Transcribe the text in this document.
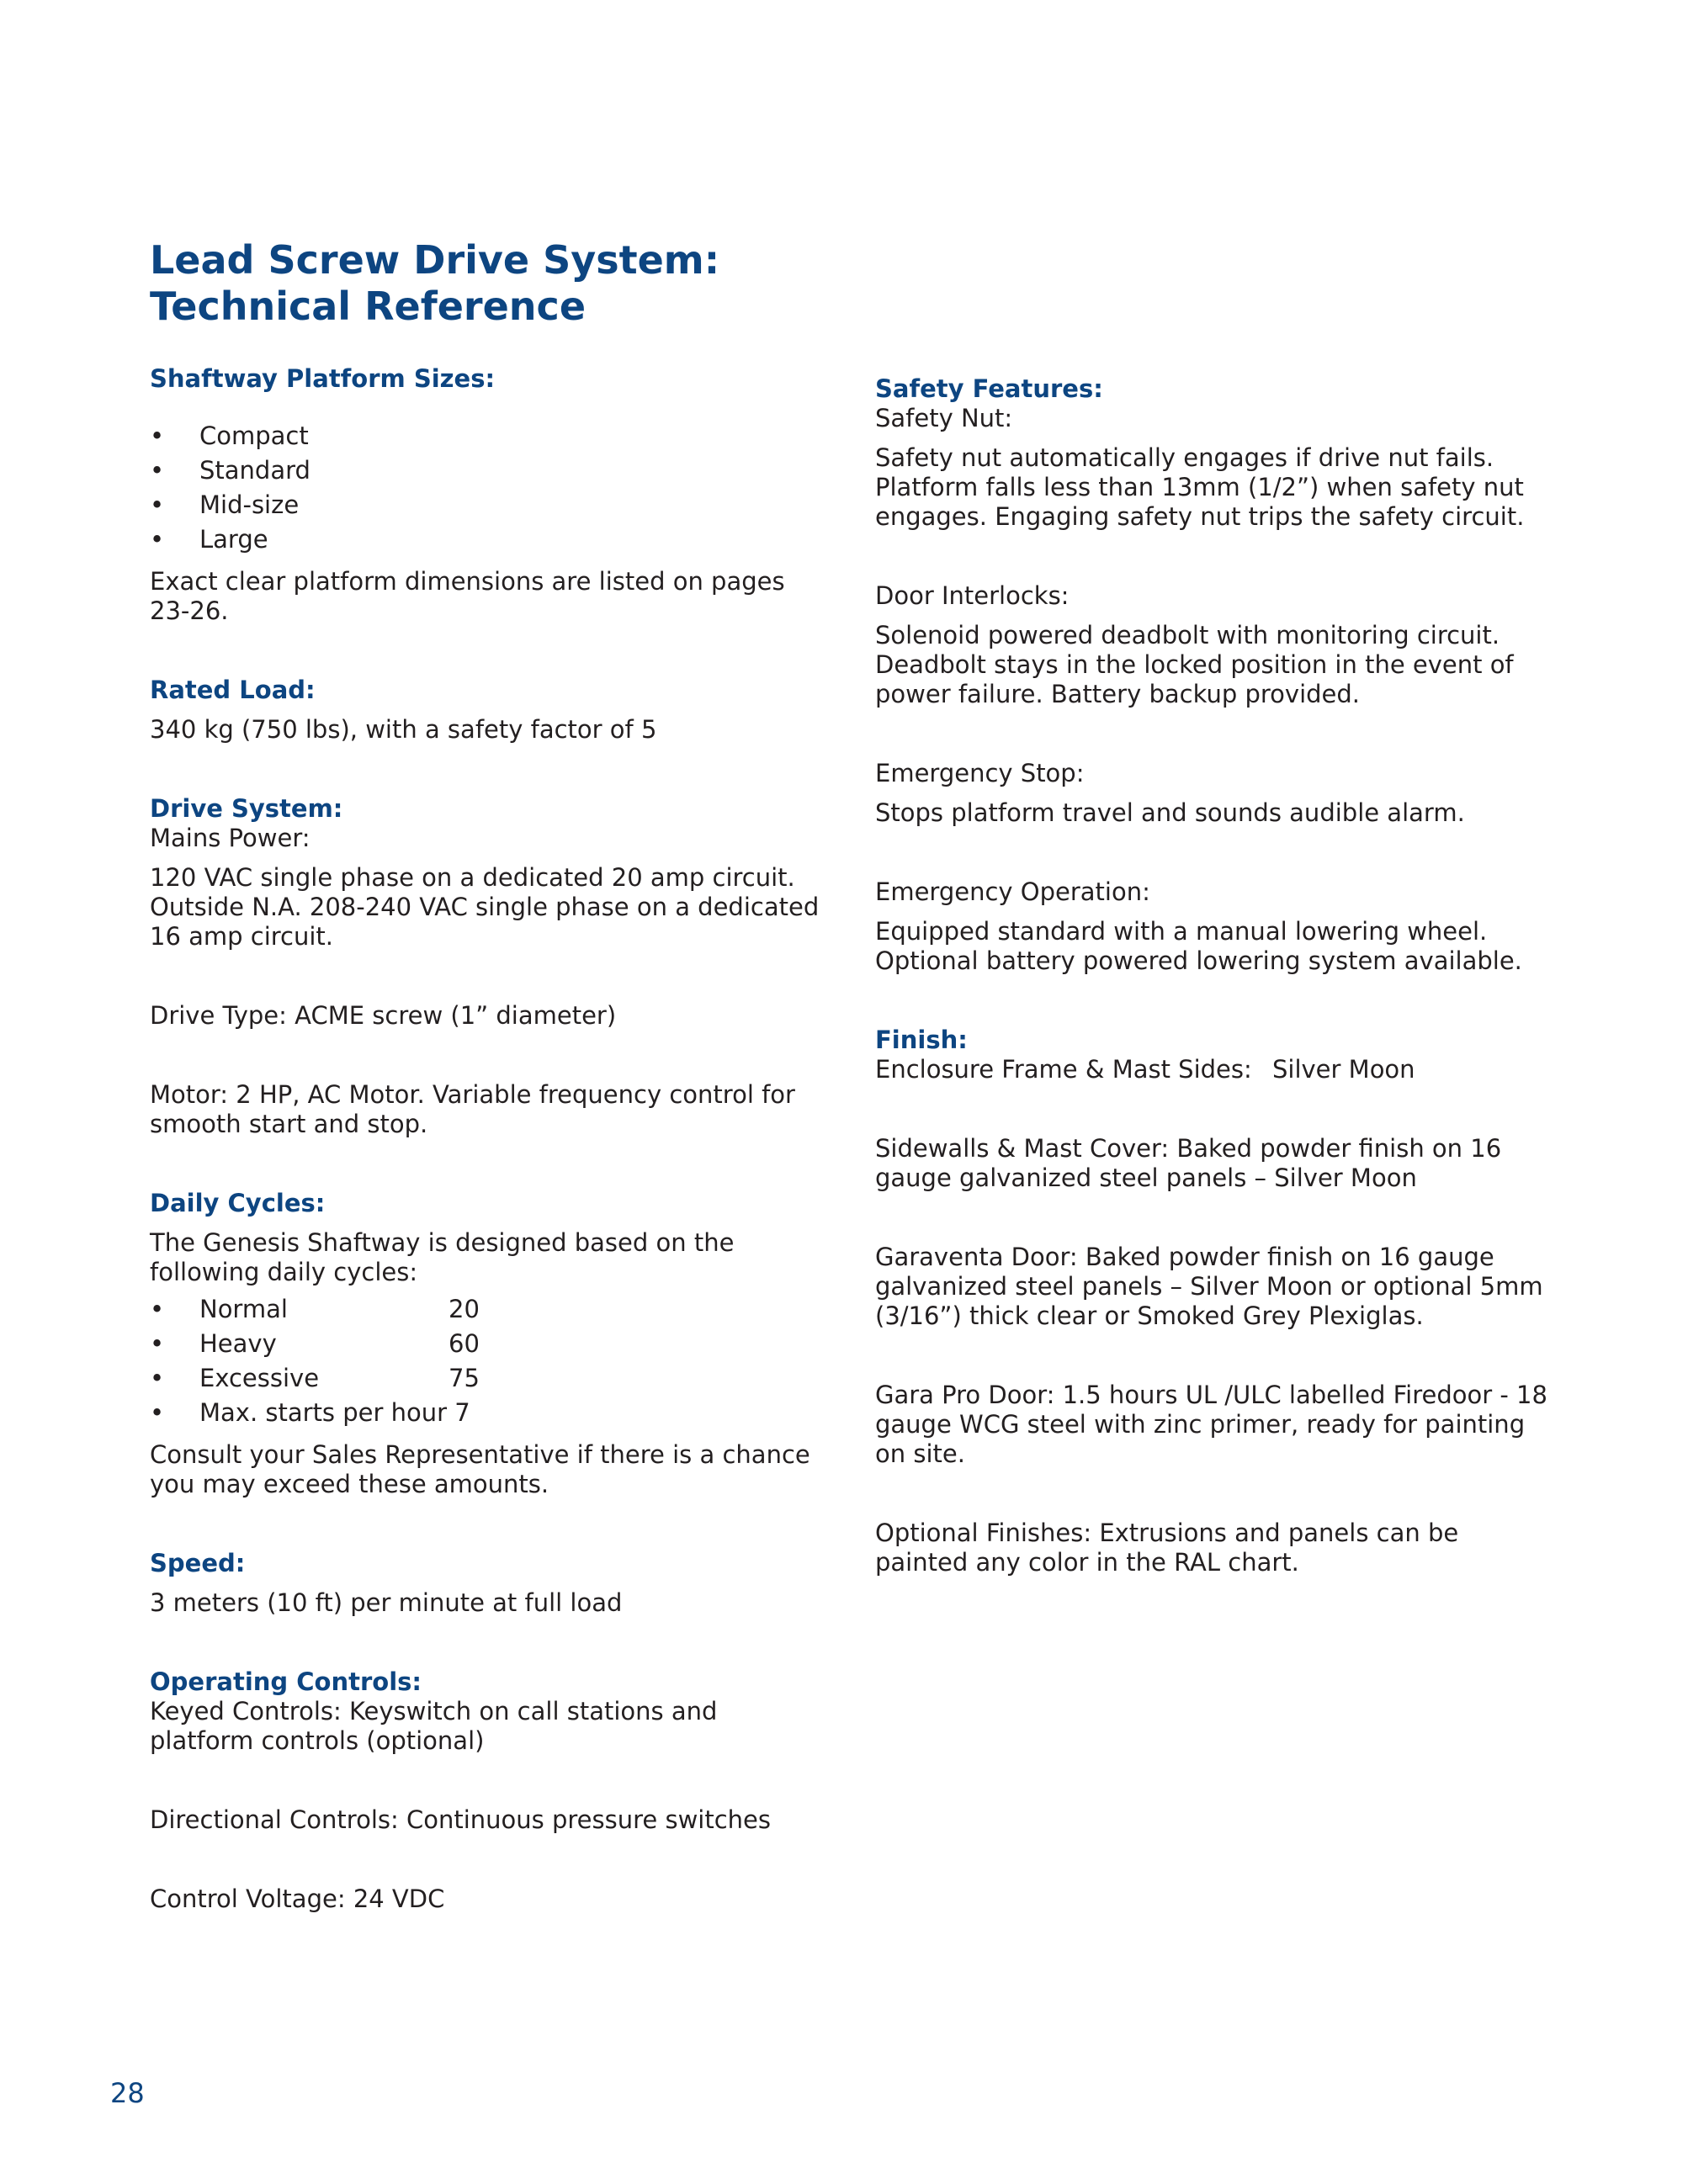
Lead Screw Drive System: Technical Reference
Shaftway Platform Sizes:
• Compact
• Standard
• Mid-size
• Large

Exact clear platform dimensions are listed on pages 23-26.

Rated Load:

340 kg (750 lbs), with a safety factor of 5

Drive System:

Mains Power:

120 VAC single phase on a dedicated 20 amp circuit. Outside N.A. 208-240 VAC single phase on a dedicated 16 amp circuit.

Drive Type: ACME screw (1” diameter)

Motor: 2 HP, AC Motor. Variable frequency control for smooth start and stop.

Daily Cycles:

The Genesis Shaftway is designed based on the following daily cycles:

• Normal	20
• Heavy	60
• Excessive	75
• Max. starts per hour 7

Consult your Sales Representative if there is a chance you may exceed these amounts.

Speed:

3 meters (10 ft) per minute at full load

Operating Controls:

Keyed Controls: Keyswitch on call stations and platform controls (optional)

Directional Controls: Continuous pressure switches

Control Voltage: 24 VDC

Safety Features:

Safety Nut:

Safety nut automatically engages if drive nut fails. Platform falls less than 13mm (1/2”) when safety nut engages. Engaging safety nut trips the safety circuit.

Door Interlocks:

Solenoid powered deadbolt with monitoring circuit. Deadbolt stays in the locked position in the event of power failure. Battery backup provided.

Emergency Stop:

Stops platform travel and sounds audible alarm.

Emergency Operation:

Equipped standard with a manual lowering wheel. Optional battery powered lowering system available.

Finish:

Enclosure Frame & Mast Sides: Silver Moon

Sidewalls & Mast Cover: Baked powder finish on 16 gauge galvanized steel panels – Silver Moon

Garaventa Door: Baked powder finish on 16 gauge galvanized steel panels – Silver Moon or optional 5mm (3/16”) thick clear or Smoked Grey Plexiglas.

Gara Pro Door: 1.5 hours UL /ULC labelled Firedoor - 18 gauge WCG steel with zinc primer, ready for painting on site.

Optional Finishes: Extrusions and panels can be painted any color in the RAL chart.

28
